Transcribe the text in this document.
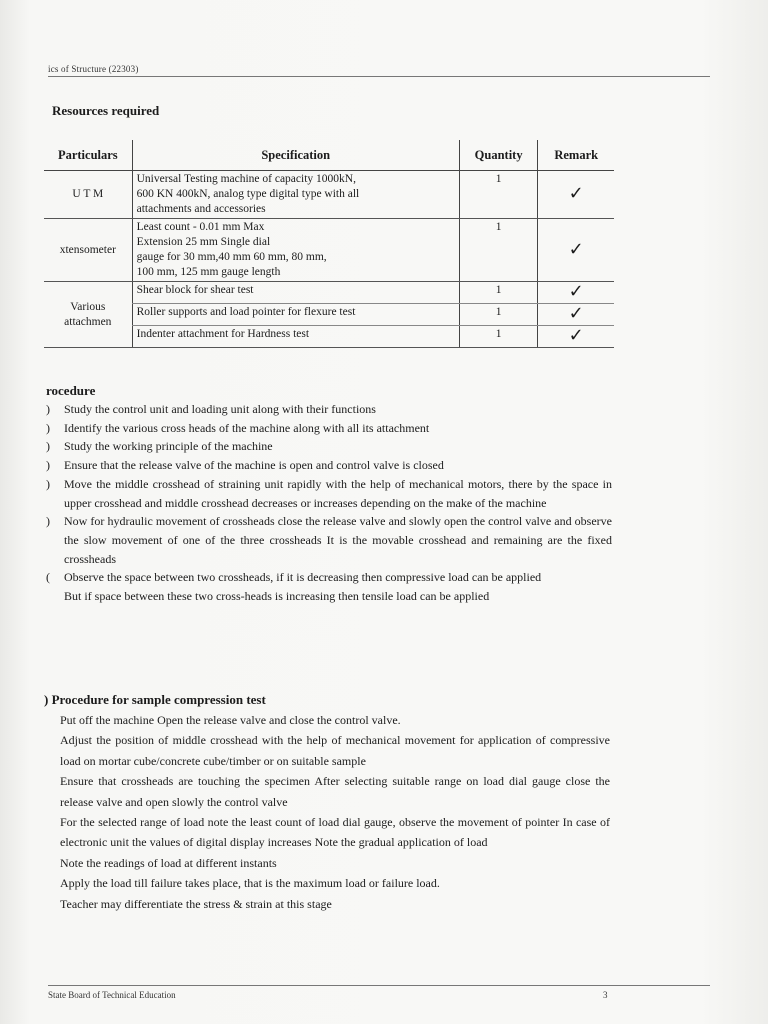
ics of Structure (22303)
Resources required
Particulars	Specification	Quantity	Remark
U T M	Universal Testing machine of capacity 1000kN,
600 KN 400kN, analog type digital type with all
attachments and accessories	1	✓
xtensometer	Least count - 0.01 mm Max
Extension 25 mm Single dial
gauge for 30 mm,40 mm 60 mm, 80 mm,
100 mm, 125 mm gauge length	1	✓
Various attachmen	Shear block for shear test	1	✓
	Roller supports and load pointer for flexure test	1	✓
	Indenter attachment for Hardness test	1	✓
rocedure
)	Study the control unit and loading unit along with their functions
)	Identify the various cross heads of the machine along with all its attachment
)	Study the working principle of the machine
)	Ensure that the release valve of the machine is open and control valve is closed
)	Move the middle crosshead of straining unit rapidly with the help of mechanical motors, there by the space in upper crosshead and middle crosshead decreases or increases depending on the make of the machine
)	Now for hydraulic movement of crossheads close the release valve and slowly open the control valve and observe the slow movement of one of the three crossheads It is the movable crosshead and remaining are the fixed crossheads
(	Observe the space between two crossheads, if it is decreasing then compressive load can be applied
But if space between these two cross-heads is increasing then tensile load can be applied
) Procedure for sample compression test
Put off the machine Open the release valve and close the control valve.
Adjust the position of middle crosshead with the help of mechanical movement for application of compressive load on mortar cube/concrete cube/timber or on suitable sample
Ensure that crossheads are touching the specimen After selecting suitable range on load dial gauge close the release valve and open slowly the control valve
For the selected range of load note the least count of load dial gauge, observe the movement of pointer In case of electronic unit the values of digital display increases Note the gradual application of load
Note the readings of load at different instants
Apply the load till failure takes place, that is the maximum load or failure load.
Teacher may differentiate the stress & strain at this stage
State Board of Technical Education	3
